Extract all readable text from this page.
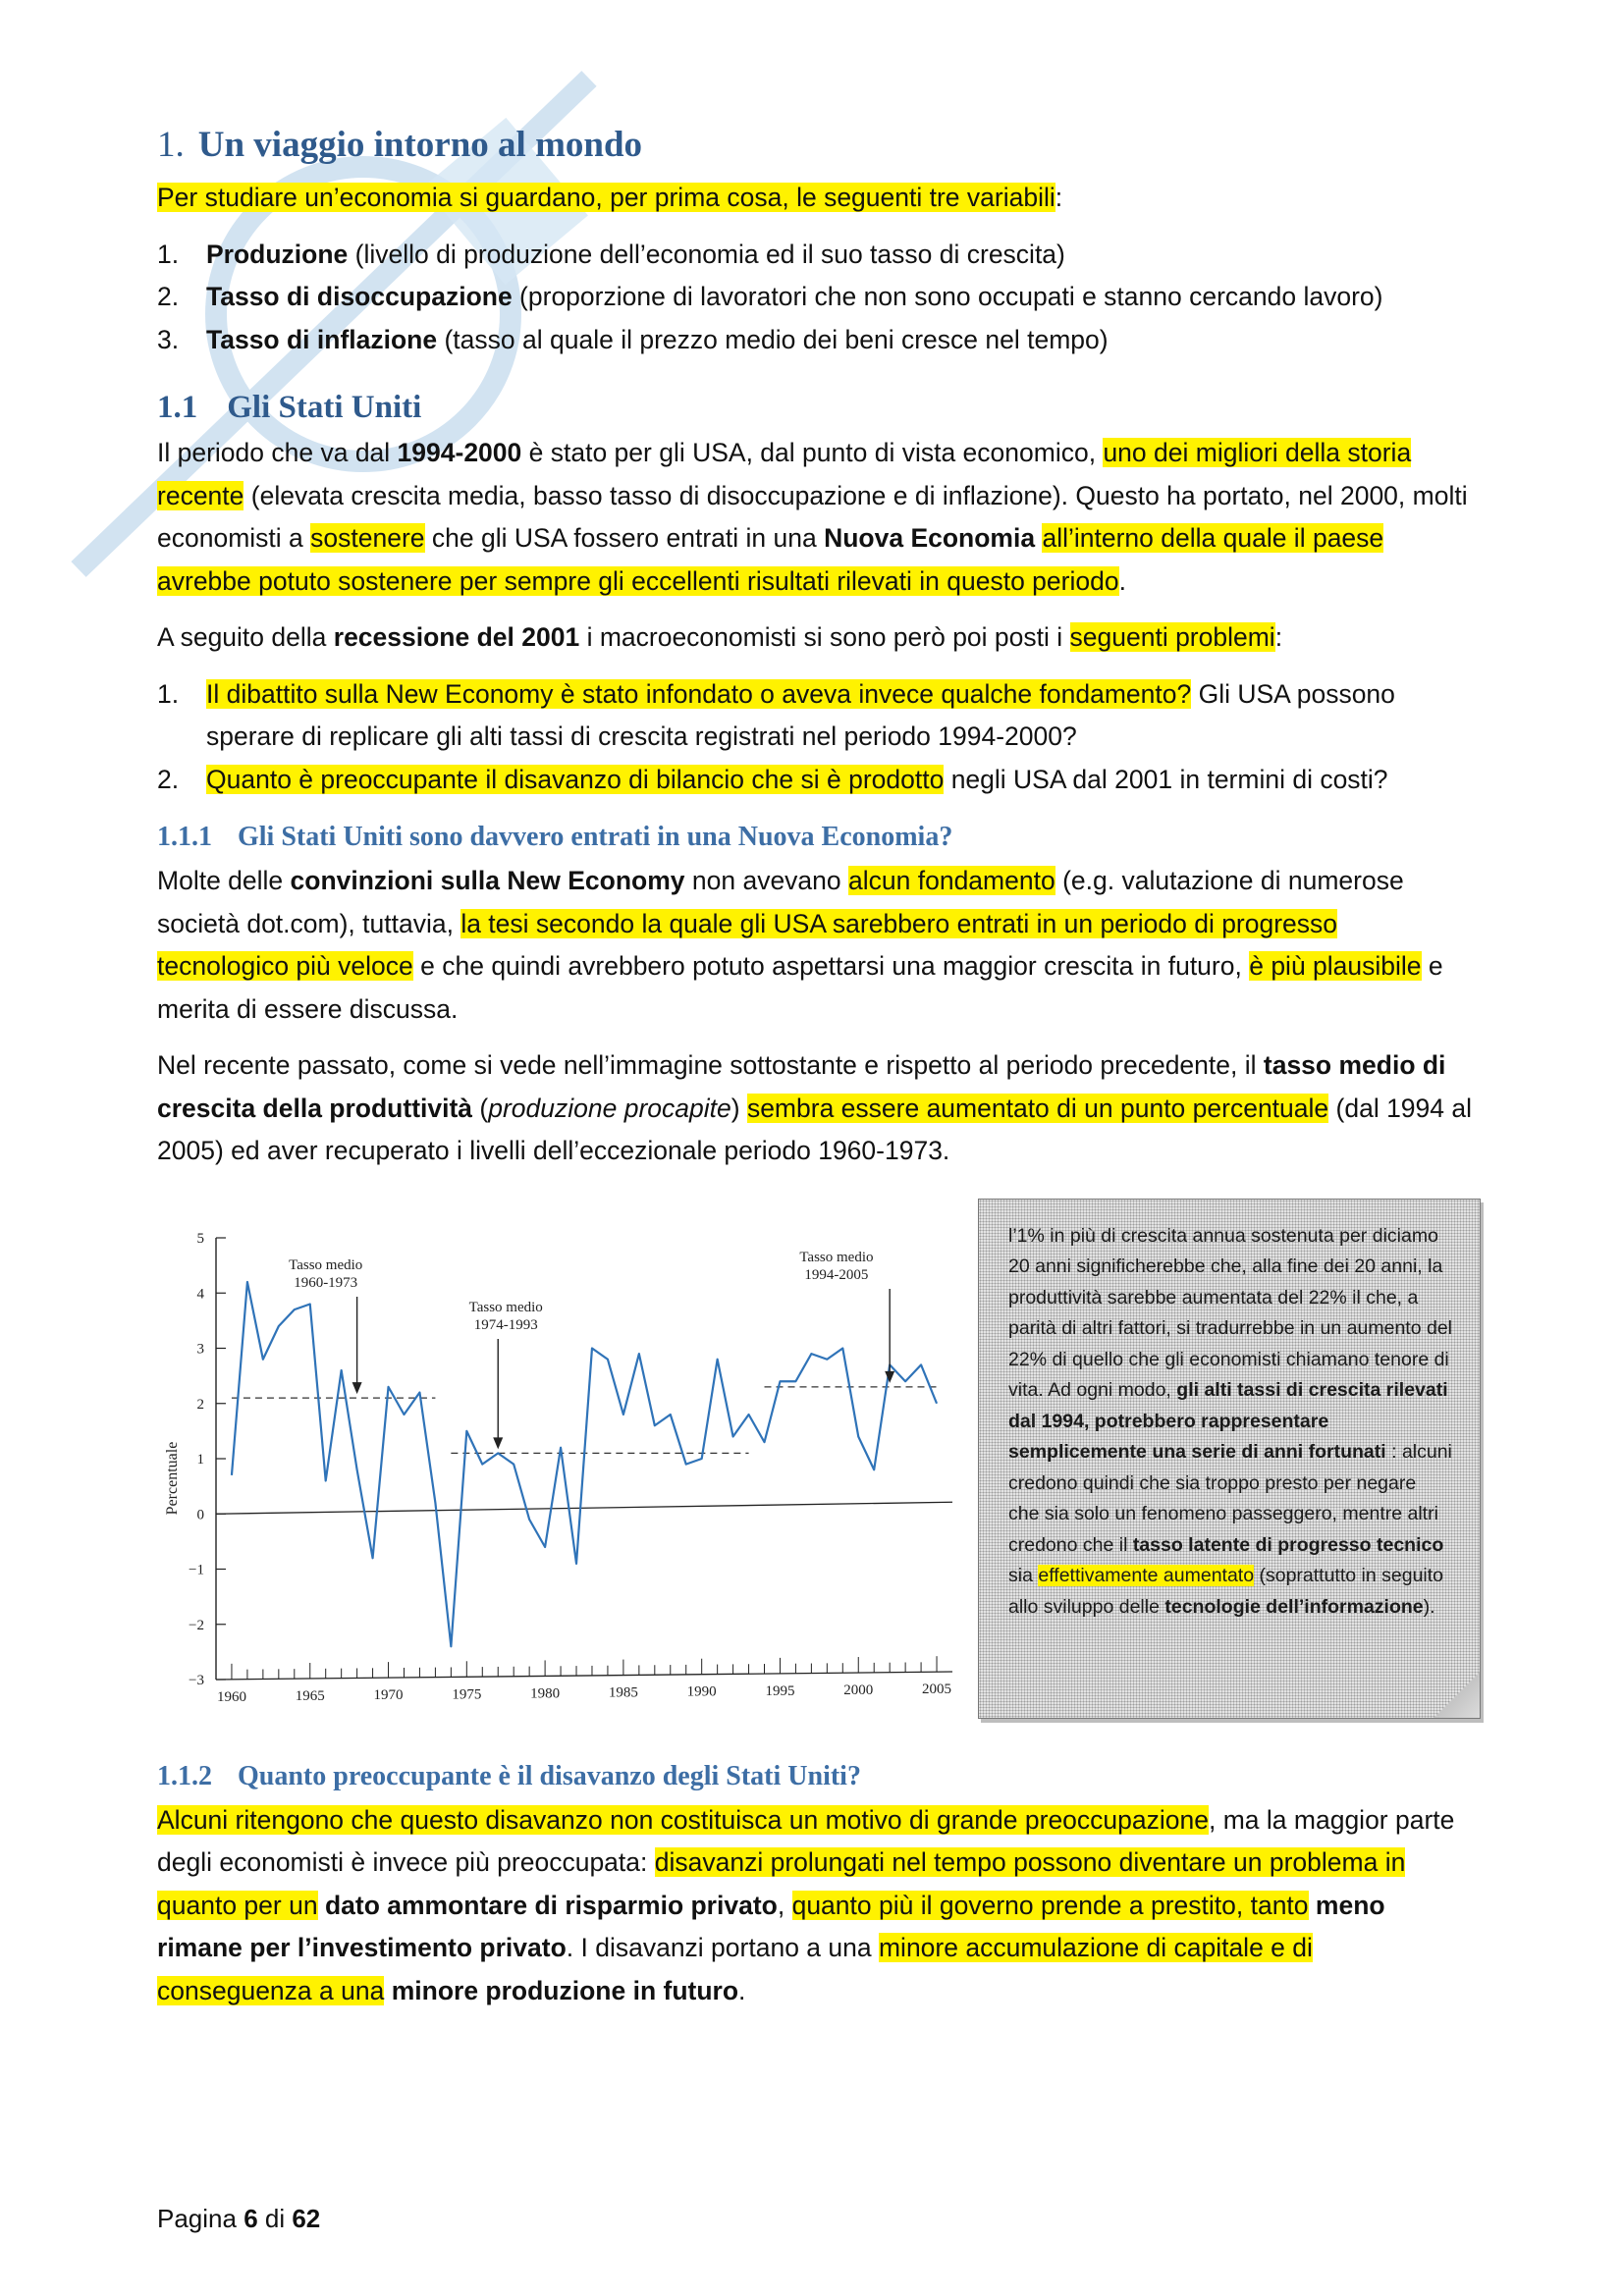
1. Un viaggio intorno al mondo

Per studiare un’economia si guardano, per prima cosa, le seguenti tre variabili:

1. Produzione (livello di produzione dell’economia ed il suo tasso di crescita)
2. Tasso di disoccupazione (proporzione di lavoratori che non sono occupati e stanno cercando lavoro)
3. Tasso di inflazione (tasso al quale il prezzo medio dei beni cresce nel tempo)
1.1 Gli Stati Uniti

Il periodo che va dal 1994-2000 è stato per gli USA, dal punto di vista economico, uno dei migliori della storia recente (elevata crescita media, basso tasso di disoccupazione e di inflazione). Questo ha portato, nel 2000, molti economisti a sostenere che gli USA fossero entrati in una Nuova Economia all’interno della quale il paese avrebbe potuto sostenere per sempre gli eccellenti risultati rilevati in questo periodo.

A seguito della recessione del 2001 i macroeconomisti si sono però poi posti i seguenti problemi:

1. Il dibattito sulla New Economy è stato infondato o aveva invece qualche fondamento? Gli USA possono sperare di replicare gli alti tassi di crescita registrati nel periodo 1994-2000?
2. Quanto è preoccupante il disavanzo di bilancio che si è prodotto negli USA dal 2001 in termini di costi?
1.1.1 Gli Stati Uniti sono davvero entrati in una Nuova Economia?

Molte delle convinzioni sulla New Economy non avevano alcun fondamento (e.g. valutazione di numerose società dot.com), tuttavia, la tesi secondo la quale gli USA sarebbero entrati in un periodo di progresso tecnologico più veloce e che quindi avrebbero potuto aspettarsi una maggior crescita in futuro, è più plausibile e merita di essere discussa.

Nel recente passato, come si vede nell’immagine sottostante e rispetto al periodo precedente, il tasso medio di crescita della produttività (produzione procapite) sembra essere aumentato di un punto percentuale (dal 1994 al 2005) ed aver recuperato i livelli dell’eccezionale periodo 1960-1973.

5
4
3
2
1
0
−1
−2
−3
1960	1965	1970	1975	1980	1985	1990	1995	2000	2005
Percentuale
Tasso medio
1960-1973
Tasso medio
1974-1993
Tasso medio
1994-2005
l’1% in più di crescita annua sostenuta per diciamo 20 anni significherebbe che, alla fine dei 20 anni, la produttività sarebbe aumentata del 22% il che, a parità di altri fattori, si tradurrebbe in un aumento del 22% di quello che gli economisti chiamano tenore di vita. Ad ogni modo, gli alti tassi di crescita rilevati dal 1994, potrebbero rappresentare semplicemente una serie di anni fortunati : alcuni credono quindi che sia troppo presto per negare che sia solo un fenomeno passeggero, mentre altri credono che il tasso latente di progresso tecnico sia effettivamente aumentato (soprattutto in seguito allo sviluppo delle tecnologie dell’informazione).
1.1.2 Quanto preoccupante è il disavanzo degli Stati Uniti?

Alcuni ritengono che questo disavanzo non costituisca un motivo di grande preoccupazione, ma la maggior parte degli economisti è invece più preoccupata: disavanzi prolungati nel tempo possono diventare un problema in quanto per un dato ammontare di risparmio privato, quanto più il governo prende a prestito, tanto meno rimane per l’investimento privato. I disavanzi portano a una minore accumulazione di capitale e di conseguenza a una minore produzione in futuro.

Pagina 6 di 62
